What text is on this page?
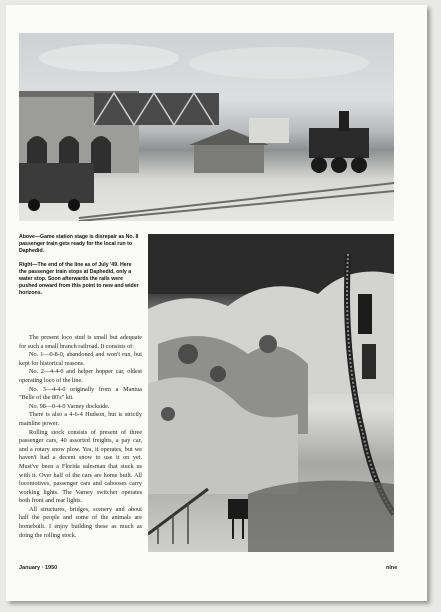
Above—Game station stage is disrepair as No. 8 passenger train gets ready for the local run to Daphedid.
Right—The end of the line as of July '49. Here the passenger train stops at Daphedid, only a water stop. Soon afterwards the rails were pushed onward from this point to new and wider horizons.

The present loco stud is small but adequate for such a small branch railroad. It consists of:

No. 1—0-8-0, abandoned and won't run, but kept for historical reasons.

No. 2—4-4-0 and helper hopper car, oldest operating loco of the line.

No. 3—4-4-0 originally from a Mantua "Belle of the 80's" kit.

No. 98—0-4-0 Varney dockside.

There is also a 4-6-4 Hudson, but is strictly mainline power.

Rolling stock consists of present of three passenger cars, 40 assorted freights, a pay car, and a rotary snow plow. Yes, it operates, but we haven't had a decent snow to use it on yet. Must've been a Florida salesman that stuck us with it. Over half of the cars are home built. All locomotives, passenger cars and cabooses carry working lights. The Varney switcher operates both front and rear lights.

All structures, bridges, scenery and about half the people and some of the animals are homebuilt. I enjoy building these as much as doing the rolling stock.

January · 1950	nine
